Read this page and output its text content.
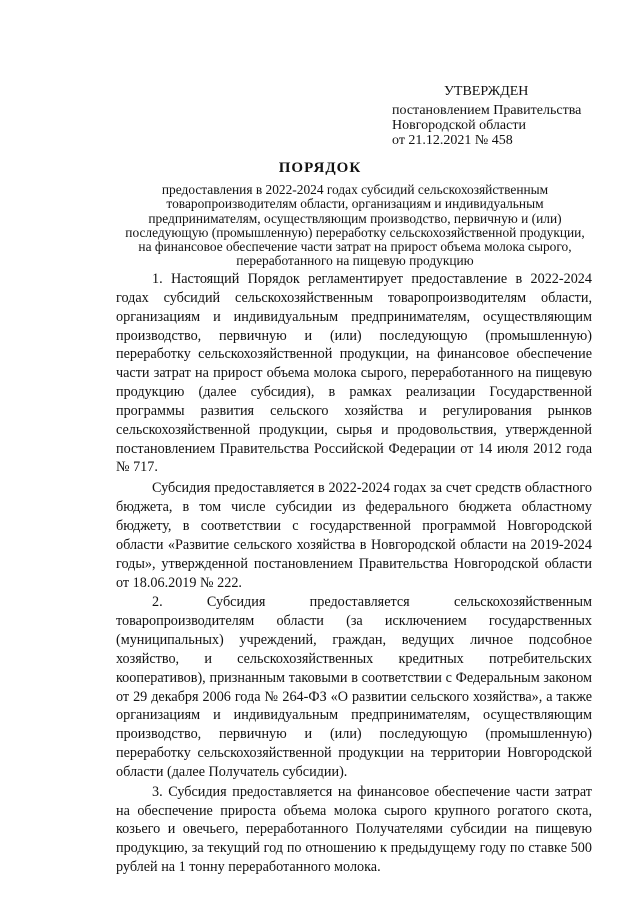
УТВЕРЖДЕН
постановлением Правительства
Новгородской области
от 21.12.2021 № 458
ПОРЯДОК
предоставления в 2022-2024 годах субсидий сельскохозяйственным товаропроизводителям области, организациям и индивидуальным предпринимателям, осуществляющим производство, первичную и (или) последующую (промышленную) переработку сельскохозяйственной продукции, на финансовое обеспечение части затрат на прирост объема молока сырого, переработанного на пищевую продукцию

1. Настоящий Порядок регламентирует предоставление в 2022-2024 годах субсидий сельскохозяйственным товаропроизводителям области, организациям и индивидуальным предпринимателям, осуществляющим производство, первичную и (или) последующую (промышленную) переработку сельскохозяйственной продукции, на финансовое обеспечение части затрат на прирост объема молока сырого, переработанного на пищевую продукцию (далее субсидия), в рамках реализации Государственной программы развития сельского хозяйства и регулирования рынков сельскохозяйственной продукции, сырья и продовольствия, утвержденной постановлением Правительства Российской Федерации от 14 июля 2012 года № 717.

Субсидия предоставляется в 2022-2024 годах за счет средств областного бюджета, в том числе субсидии из федерального бюджета областному бюджету, в соответствии с государственной программой Новгородской области «Развитие сельского хозяйства в Новгородской области на 2019-2024 годы», утвержденной постановлением Правительства Новгородской области от 18.06.2019 № 222.

2. Субсидия предоставляется сельскохозяйственным товаропроизводителям области (за исключением государственных (муниципальных) учреждений, граждан, ведущих личное подсобное хозяйство, и сельскохозяйственных кредитных потребительских кооперативов), признанным таковыми в соответствии с Федеральным законом от 29 декабря 2006 года № 264-ФЗ «О развитии сельского хозяйства», а также организациям и индивидуальным предпринимателям, осуществляющим производство, первичную и (или) последующую (промышленную) переработку сельскохозяйственной продукции на территории Новгородской области (далее Получатель субсидии).

3. Субсидия предоставляется на финансовое обеспечение части затрат на обеспечение прироста объема молока сырого крупного рогатого скота, козьего и овечьего, переработанного Получателями субсидии на пищевую продукцию, за текущий год по отношению к предыдущему году по ставке 500 рублей на 1 тонну переработанного молока.
